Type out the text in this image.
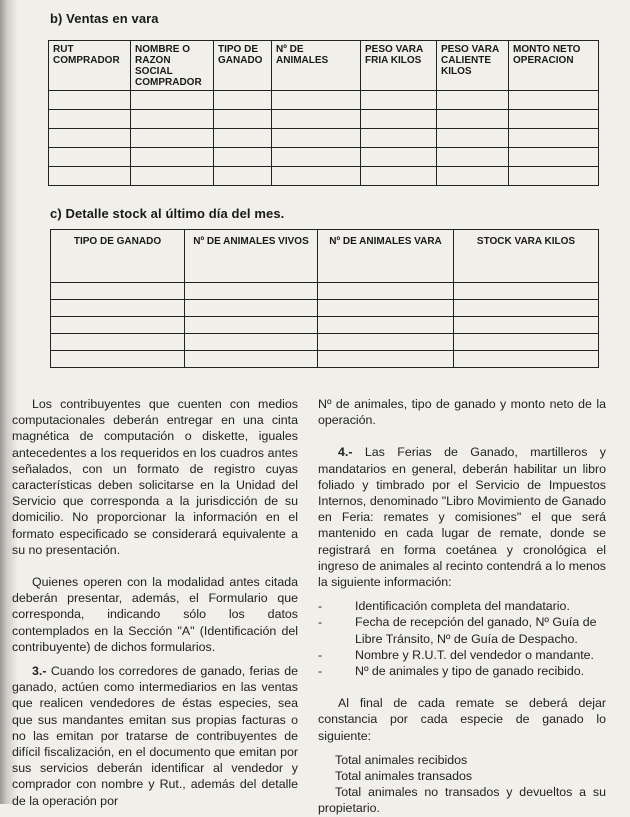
b) Ventas en vara
RUT COMPRADOR	NOMBRE O RAZON SOCIAL COMPRADOR	TIPO DE GANADO	Nº DE ANIMALES	PESO VARA FRIA KILOS	PESO VARA CALIENTE KILOS	MONTO NETO OPERACION

c) Detalle stock al último día del mes.
TIPO DE GANADO	Nº DE ANIMALES VIVOS	Nº DE ANIMALES VARA	STOCK VARA KILOS

Los contribuyentes que cuenten con medios computacionales deberán entregar en una cinta magnética de computación o diskette, iguales antecedentes a los requeridos en los cuadros antes señalados, con un formato de registro cuyas características deben solicitarse en la Unidad del Servicio que corresponda a la jurisdicción de su domicilio. No proporcionar la información en el formato especificado se considerará equivalente a su no presentación.

Quienes operen con la modalidad antes citada deberán presentar, además, el Formulario que corresponda, indicando sólo los datos contemplados en la Sección "A" (Identificación del contribuyente) de dichos formularios.

3.- Cuando los corredores de ganado, ferias de ganado, actúen como intermediarios en las ventas que realicen vendedores de éstas especies, sea que sus mandantes emitan sus propias facturas o no las emitan por tratarse de contribuyentes de difícil fiscalización, en el documento que emitan por sus servicios deberán identificar al vendedor y comprador con nombre y Rut., además del detalle de la operación por

Nº de animales, tipo de ganado y monto neto de la operación.

4.- Las Ferias de Ganado, martilleros y mandatarios en general, deberán habilitar un libro foliado y timbrado por el Servicio de Impuestos Internos, denominado "Libro Movimiento de Ganado en Feria: remates y comisiones" el que será mantenido en cada lugar de remate, donde se registrará en forma coetánea y cronológica el ingreso de animales al recinto contendrá a lo menos la siguiente información:

-	Identificación completa del mandatario.
-	Fecha de recepción del ganado, Nº Guía de Libre Tránsito, Nº de Guía de Despacho.
-	Nombre y R.U.T. del vendedor o mandante.
-	Nº de animales y tipo de ganado recibido.

Al final de cada remate se deberá dejar constancia por cada especie de ganado lo siguiente:

Total animales recibidos

Total animales transados

Total animales no transados y devueltos a su propietario.
